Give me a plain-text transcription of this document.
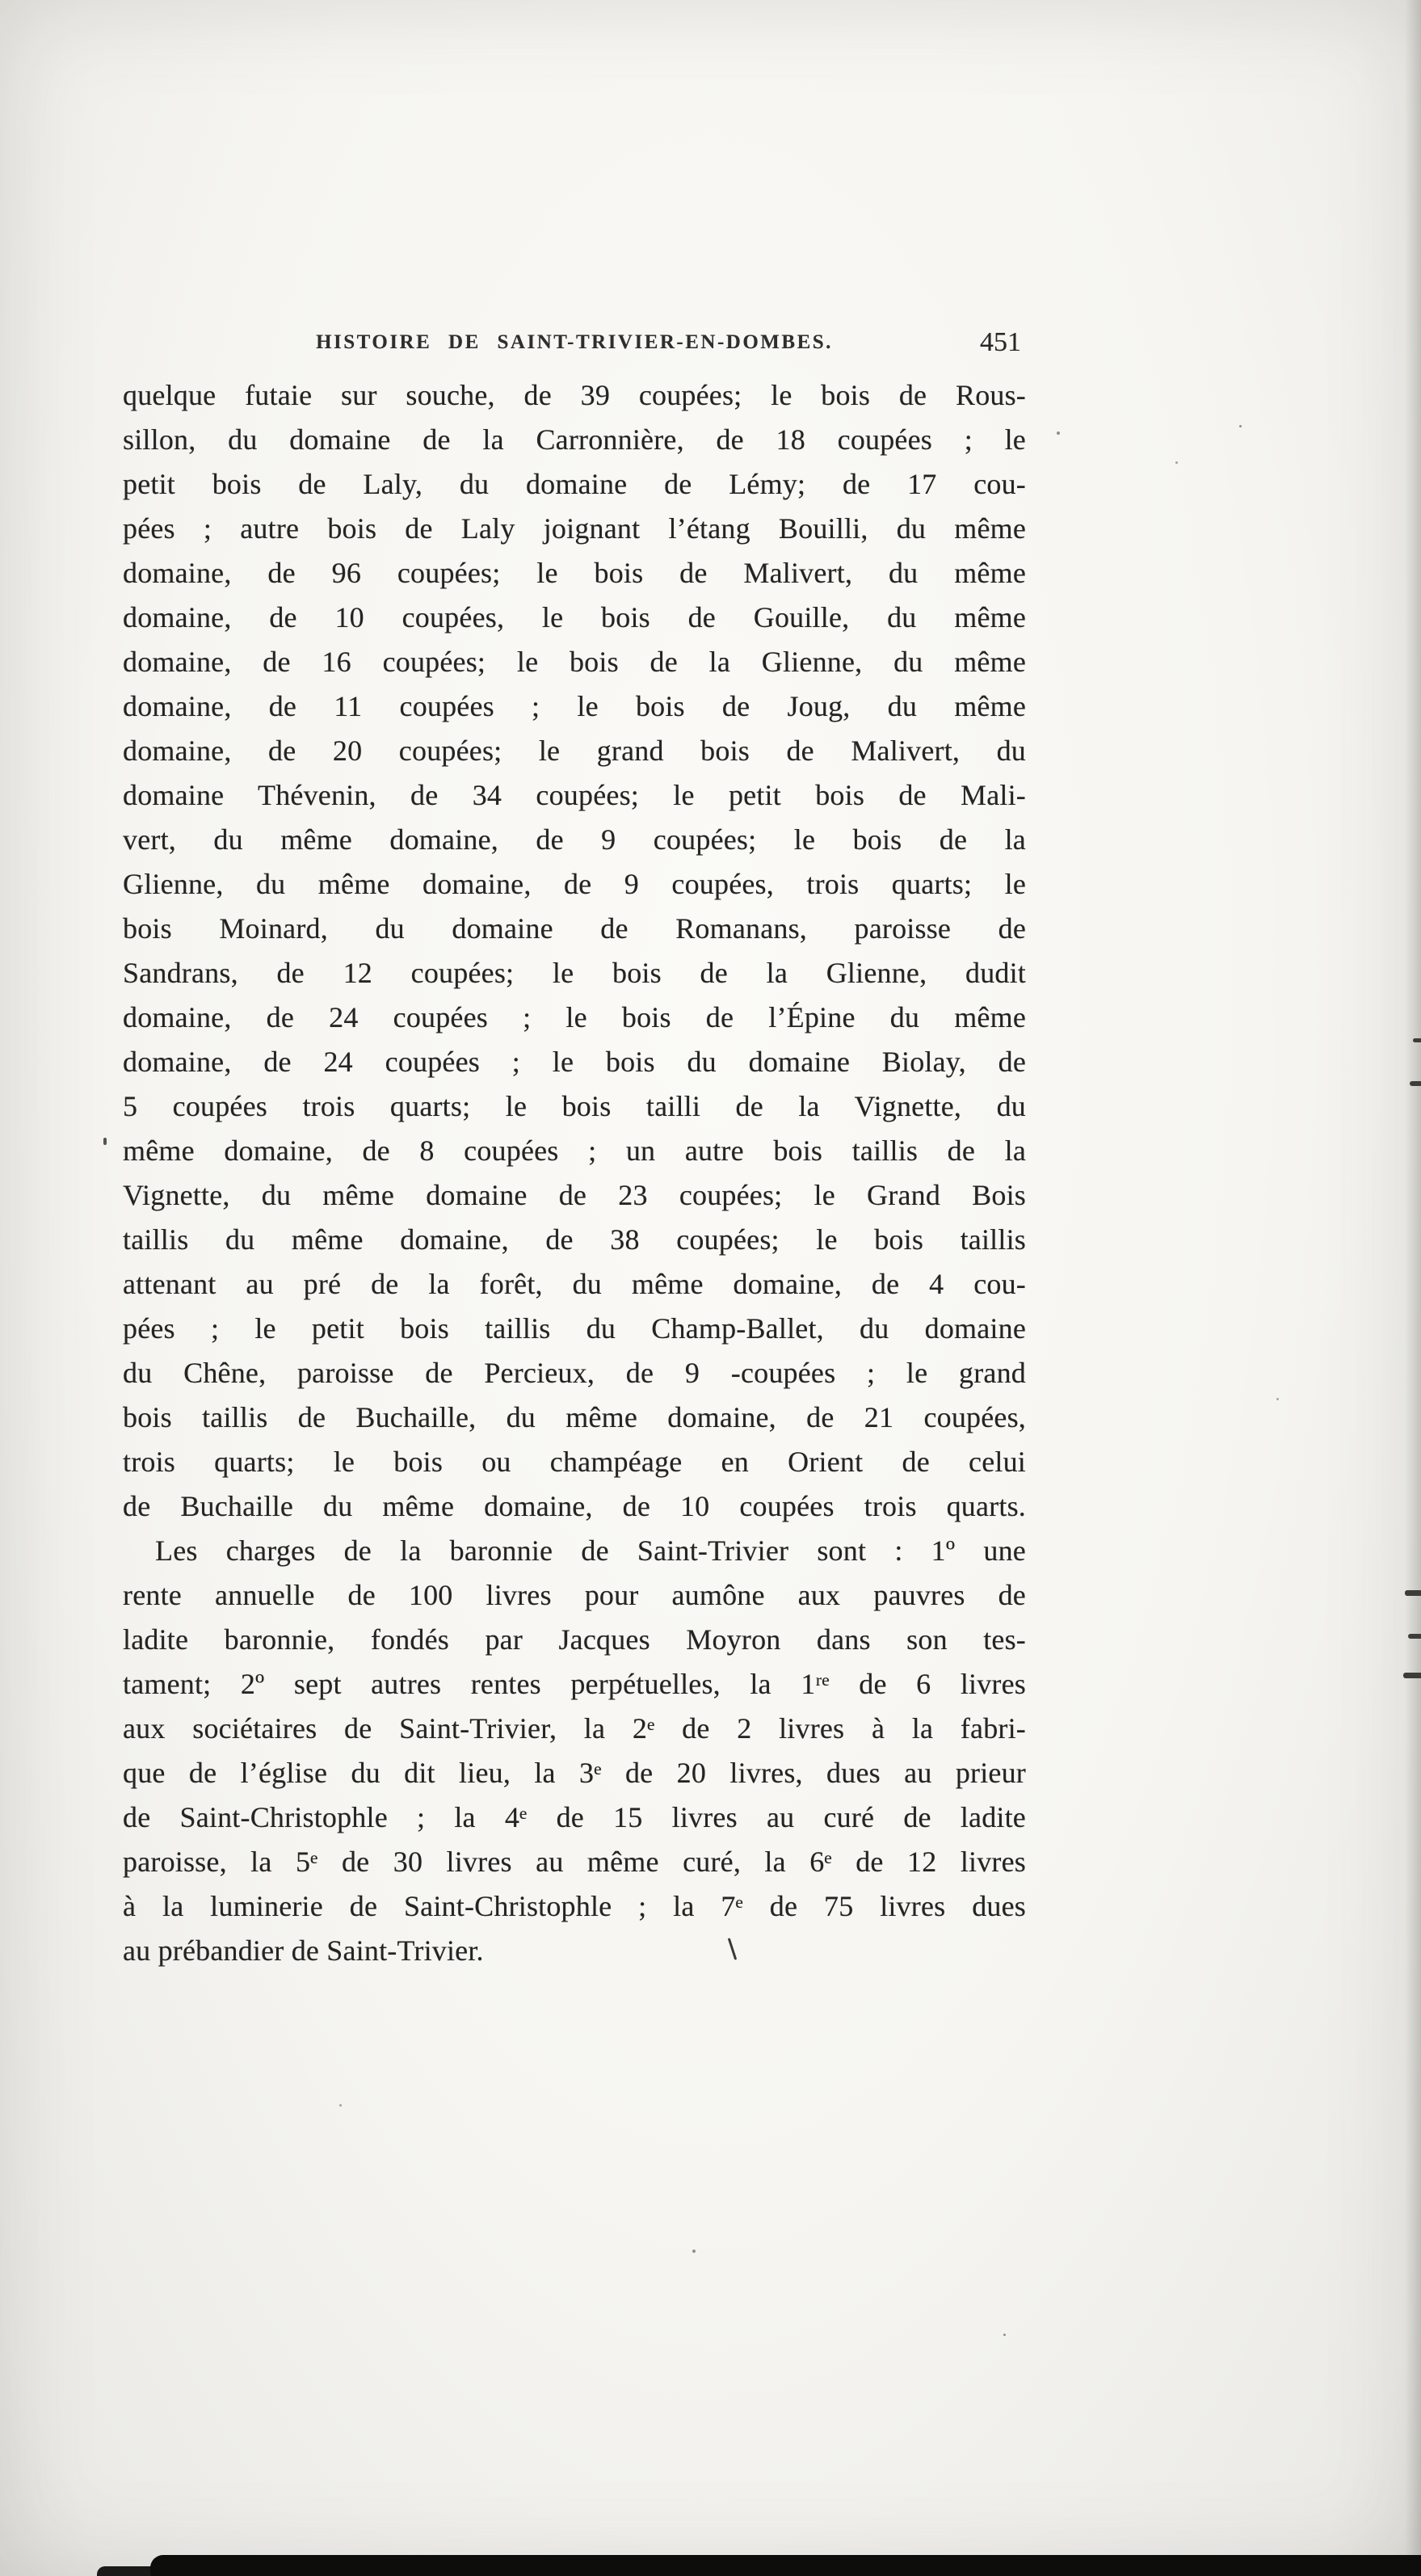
HISTOIRE DE SAINT-TRIVIER-EN-DOMBES.	451
quelque futaie sur souche, de 39 coupées; le bois de Rous-
sillon, du domaine de la Carronnière, de 18 coupées ; le
petit bois de Laly, du domaine de Lémy; de 17 cou-
pées ; autre bois de Laly joignant l’étang Bouilli, du même
domaine, de 96 coupées; le bois de Malivert, du même
domaine, de 10 coupées, le bois de Gouille, du même
domaine, de 16 coupées; le bois de la Glienne, du même
domaine, de 11 coupées ; le bois de Joug, du même
domaine, de 20 coupées; le grand bois de Malivert, du
domaine Thévenin, de 34 coupées; le petit bois de Mali-
vert, du même domaine, de 9 coupées; le bois de la
Glienne, du même domaine, de 9 coupées, trois quarts; le
bois Moinard, du domaine de Romanans, paroisse de
Sandrans, de 12 coupées; le bois de la Glienne, dudit
domaine, de 24 coupées ; le bois de l’Épine du même
domaine, de 24 coupées ; le bois du domaine Biolay, de
5 coupées trois quarts; le bois tailli de la Vignette, du
même domaine, de 8 coupées ; un autre bois taillis de la
Vignette, du même domaine de 23 coupées; le Grand Bois
taillis du même domaine, de 38 coupées; le bois taillis
attenant au pré de la forêt, du même domaine, de 4 cou-
pées ; le petit bois taillis du Champ-Ballet, du domaine
du Chêne, paroisse de Percieux, de 9 -coupées ; le grand
bois taillis de Buchaille, du même domaine, de 21 coupées,
trois quarts; le bois ou champéage en Orient de celui
de Buchaille du même domaine, de 10 coupées trois quarts.
Les charges de la baronnie de Saint-Trivier sont : 1º une
rente annuelle de 100 livres pour aumône aux pauvres de
ladite baronnie, fondés par Jacques Moyron dans son tes-
tament; 2º sept autres rentes perpétuelles, la 1ʳᵉ de 6 livres
aux sociétaires de Saint-Trivier, la 2ᵉ de 2 livres à la fabri-
que de l’église du dit lieu, la 3ᵉ de 20 livres, dues au prieur
de Saint-Christophle ; la 4ᵉ de 15 livres au curé de ladite
paroisse, la 5ᵉ de 30 livres au même curé, la 6ᵉ de 12 livres
à la luminerie de Saint-Christophle ; la 7ᵉ de 75 livres dues
au prébandier de Saint-Trivier.
